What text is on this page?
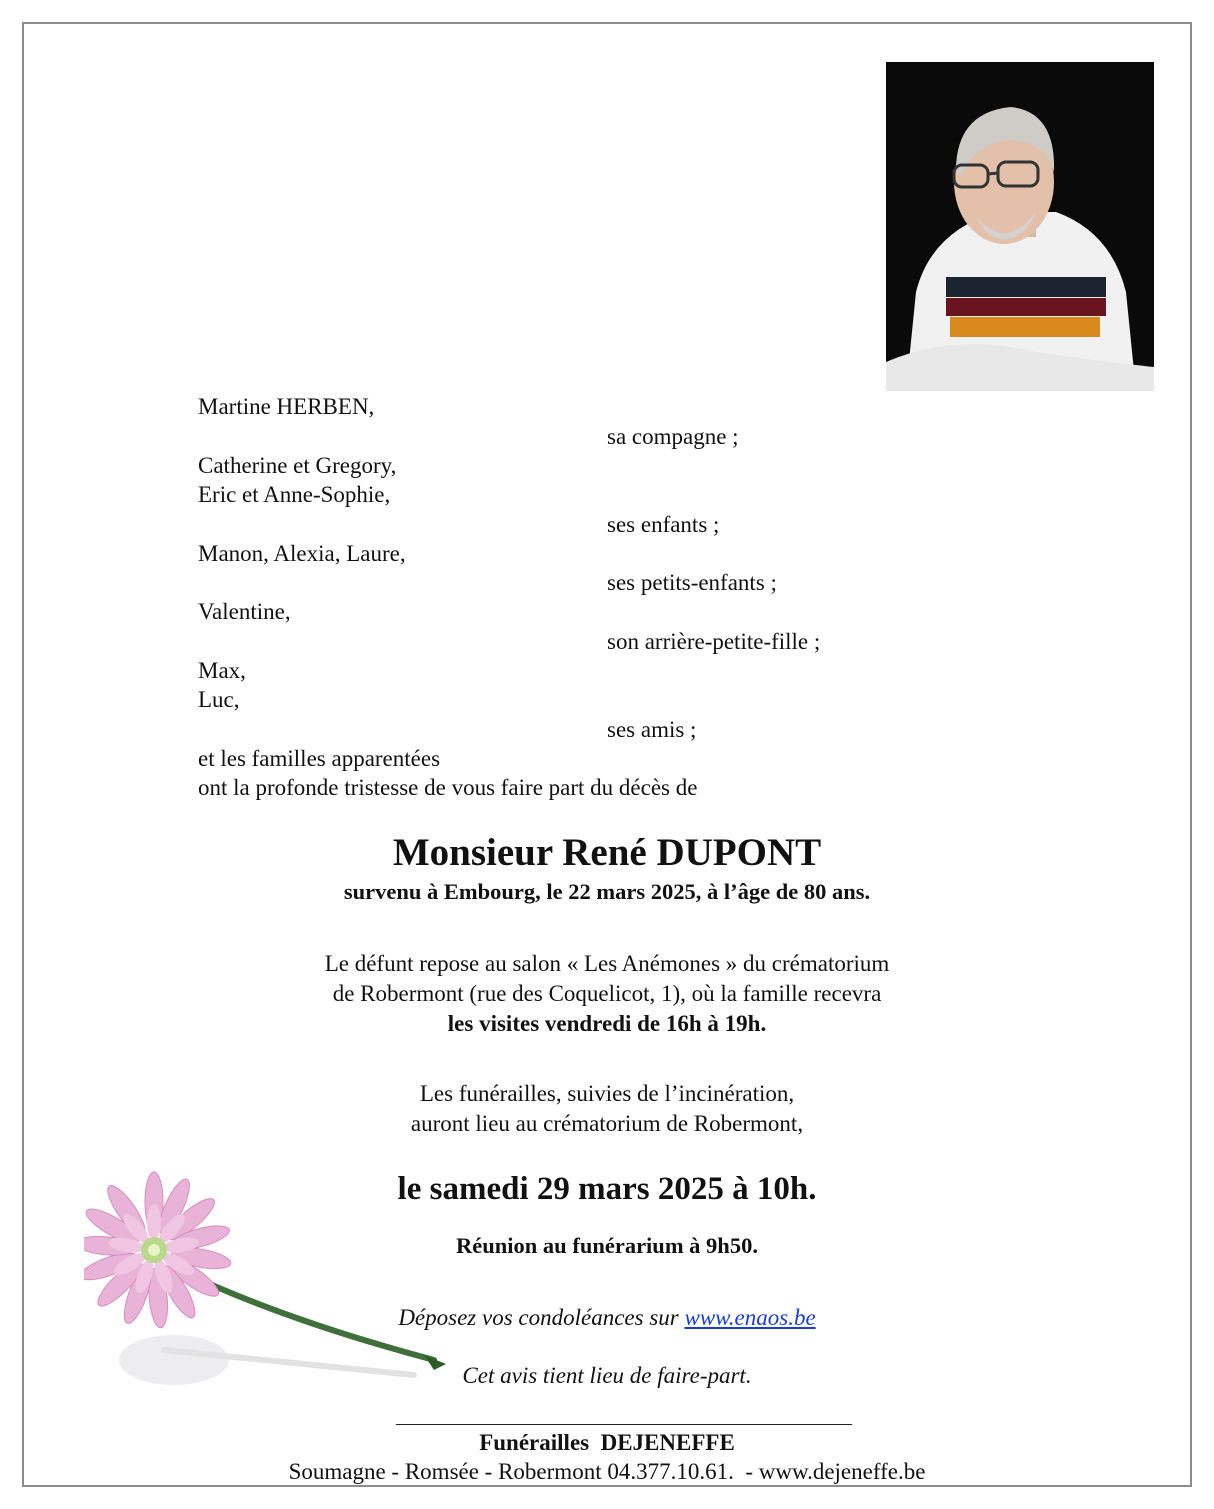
Martine HERBEN,
sa compagne ;
Catherine et Gregory,
Eric et Anne-Sophie,
ses enfants ;
Manon, Alexia, Laure,
ses petits-enfants ;
Valentine,
son arrière-petite-fille ;
Max,
Luc,
ses amis ;
et les familles apparentées
ont la profonde tristesse de vous faire part du décès de
Monsieur René DUPONT
survenu à Embourg, le 22 mars 2025, à l’âge de 80 ans.
Le défunt repose au salon « Les Anémones » du crématorium
de Robermont (rue des Coquelicot, 1), où la famille recevra
les visites vendredi de 16h à 19h.
Les funérailles, suivies de l’incinération,
auront lieu au crématorium de Robermont,
le samedi 29 mars 2025 à 10h.
Réunion au funérarium à 9h50.
Déposez vos condoléances sur www.enaos.be
Cet avis tient lieu de faire-part.
Funérailles  DEJENEFFE
Soumagne - Romsée - Robermont 04.377.10.61.  - www.dejeneffe.be
